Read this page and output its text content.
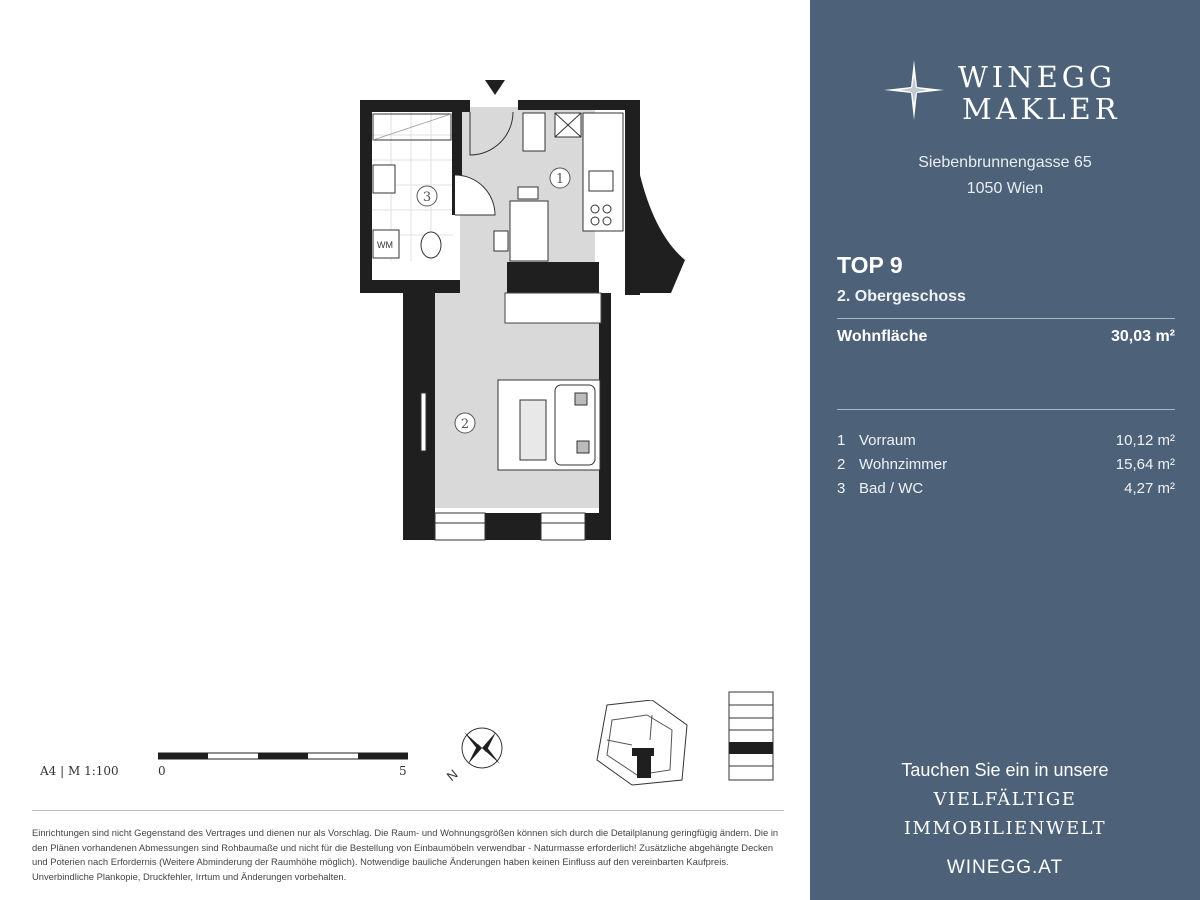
WM
1
2
3
A4 | M 1:100	0	5	N
Einrichtungen sind nicht Gegenstand des Vertrages und dienen nur als Vorschlag. Die Raum- und Wohnungsgrößen können sich durch die Detailplanung geringfügig ändern. Die in den Plänen vorhandenen Abmessungen sind Rohbaumaße und nicht für die Bestellung von Einbaumöbeln verwendbar - Naturmasse erforderlich! Zusätzliche abgehängte Decken und Poterien nach Erfordernis (Weitere Abminderung der Raumhöhe möglich). Notwendige bauliche Änderungen haben keinen Einfluss auf den vereinbarten Kaufpreis. Unverbindliche Plankopie, Druckfehler, Irrtum und Änderungen vorbehalten.
WINEGG
MAKLER
Siebenbrunnengasse 65
1050 Wien
TOP 9
2. Obergeschoss
Wohnfläche	30,03 m²
1 Vorraum	10,12 m²
2 Wohnzimmer	15,64 m²
3 Bad / WC	4,27 m²
Tauchen Sie ein in unsere
VIELFÄLTIGE
IMMOBILIENWELT
WINEGG.AT
